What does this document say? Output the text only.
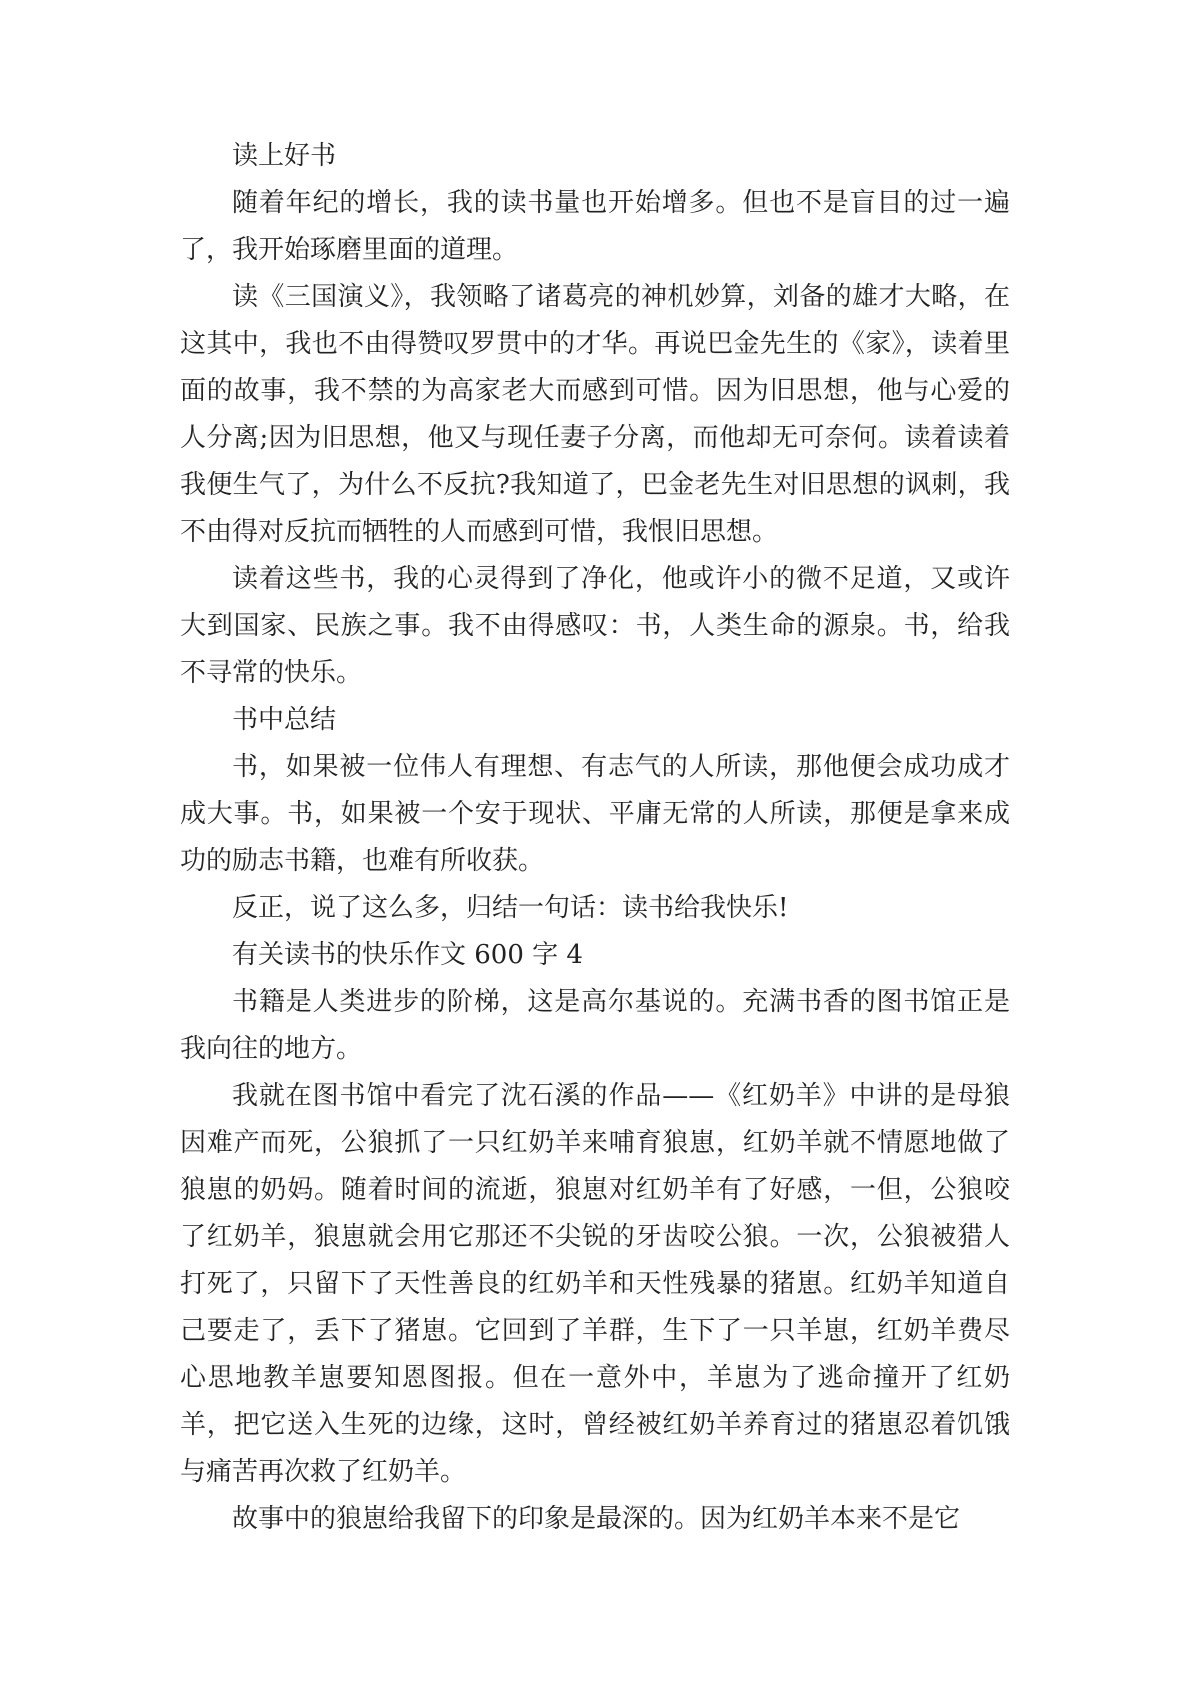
读上好书

随着年纪的增长，我的读书量也开始增多。但也不是盲目的过一遍了，我开始琢磨里面的道理。

读《三国演义》，我领略了诸葛亮的神机妙算，刘备的雄才大略，在这其中，我也不由得赞叹罗贯中的才华。再说巴金先生的《家》，读着里面的故事，我不禁的为高家老大而感到可惜。因为旧思想，他与心爱的人分离;因为旧思想，他又与现任妻子分离，而他却无可奈何。读着读着我便生气了，为什么不反抗?我知道了，巴金老先生对旧思想的讽刺，我不由得对反抗而牺牲的人而感到可惜，我恨旧思想。

读着这些书，我的心灵得到了净化，他或许小的微不足道，又或许大到国家、民族之事。我不由得感叹：书，人类生命的源泉。书，给我不寻常的快乐。

书中总结

书，如果被一位伟人有理想、有志气的人所读，那他便会成功成才成大事。书，如果被一个安于现状、平庸无常的人所读，那便是拿来成功的励志书籍，也难有所收获。

反正，说了这么多，归结一句话：读书给我快乐!

有关读书的快乐作文 600 字 4

书籍是人类进步的阶梯，这是高尔基说的。充满书香的图书馆正是我向往的地方。

我就在图书馆中看完了沈石溪的作品——《红奶羊》中讲的是母狼因难产而死，公狼抓了一只红奶羊来哺育狼崽，红奶羊就不情愿地做了狼崽的奶妈。随着时间的流逝，狼崽对红奶羊有了好感，一但，公狼咬了红奶羊，狼崽就会用它那还不尖锐的牙齿咬公狼。一次，公狼被猎人打死了，只留下了天性善良的红奶羊和天性残暴的猪崽。红奶羊知道自己要走了，丢下了猪崽。它回到了羊群，生下了一只羊崽，红奶羊费尽心思地教羊崽要知恩图报。但在一意外中，羊崽为了逃命撞开了红奶羊，把它送入生死的边缘，这时，曾经被红奶羊养育过的猪崽忍着饥饿与痛苦再次救了红奶羊。

故事中的狼崽给我留下的印象是最深的。因为红奶羊本来不是它
